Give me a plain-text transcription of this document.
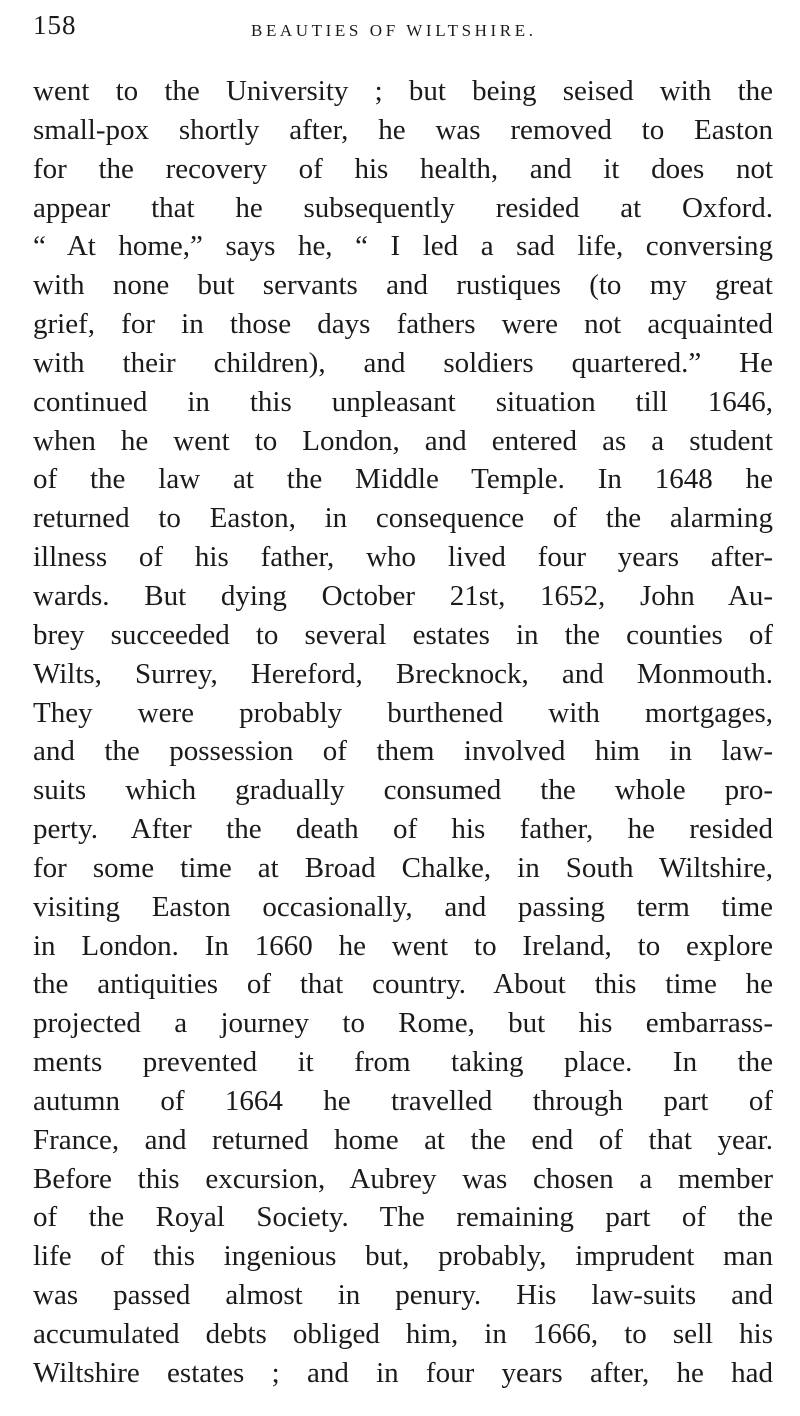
158	BEAUTIES OF WILTSHIRE.
went to the University ; but being seised with the
small-pox shortly after, he was removed to Easton
for the recovery of his health, and it does not
appear that he subsequently resided at Oxford.
“ At home,” says he, “ I led a sad life, conversing
with none but servants and rustiques (to my great
grief, for in those days fathers were not acquainted
with their children), and soldiers quartered.” He
continued in this unpleasant situation till 1646,
when he went to London, and entered as a student
of the law at the Middle Temple. In 1648 he
returned to Easton, in consequence of the alarming
illness of his father, who lived four years after-
wards. But dying October 21st, 1652, John Au-
brey succeeded to several estates in the counties of
Wilts, Surrey, Hereford, Brecknock, and Monmouth.
They were probably burthened with mortgages,
and the possession of them involved him in law-
suits which gradually consumed the whole pro-
perty. After the death of his father, he resided
for some time at Broad Chalke, in South Wiltshire,
visiting Easton occasionally, and passing term time
in London. In 1660 he went to Ireland, to explore
the antiquities of that country. About this time he
projected a journey to Rome, but his embarrass-
ments prevented it from taking place. In the
autumn of 1664 he travelled through part of
France, and returned home at the end of that year.
Before this excursion, Aubrey was chosen a member
of the Royal Society. The remaining part of the
life of this ingenious but, probably, imprudent man
was passed almost in penury. His law-suits and
accumulated debts obliged him, in 1666, to sell his
Wiltshire estates ; and in four years after, he had
